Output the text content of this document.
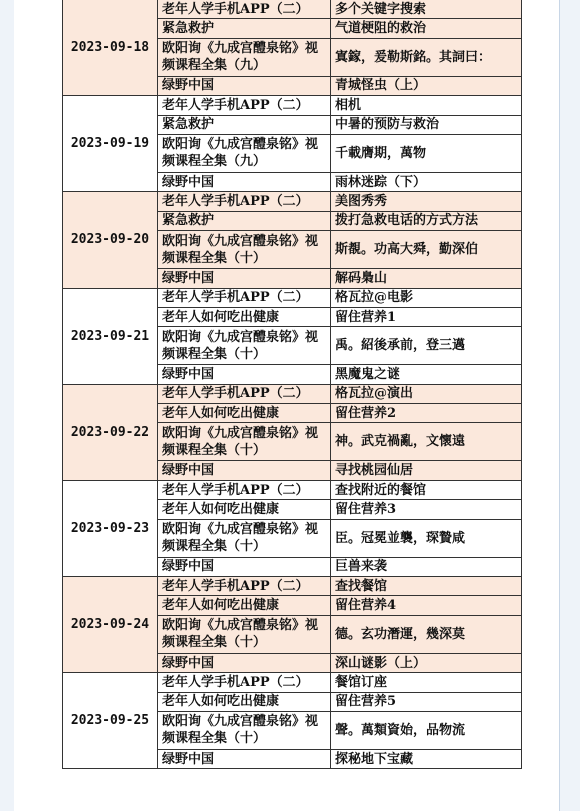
2023-09-18	老年人学手机APP（二）	多个关键字搜索
	紧急救护	气道梗阻的救治
	欧阳询《九成宫醴泉铭》视频课程全集（九）	寘鎵，爰勒斯銘。其詞曰：
	绿野中国	青城怪虫（上）
2023-09-19	老年人学手机APP（二）	相机
	紧急救护	中暑的预防与救治
	欧阳询《九成宫醴泉铭》视频课程全集（九）	千載膺期，萬物
	绿野中国	雨林迷踪（下）
2023-09-20	老年人学手机APP（二）	美图秀秀
	紧急救护	拨打急救电话的方式方法
	欧阳询《九成宫醴泉铭》视频课程全集（十）	斯覩。功高大舜，勤深伯
	绿野中国	解码梟山
2023-09-21	老年人学手机APP（二）	格瓦拉@电影
	老年人如何吃出健康	留住营养1
	欧阳询《九成宫醴泉铭》视频课程全集（十）	禹。紹後承前，登三邁
	绿野中国	黑魔鬼之谜
2023-09-22	老年人学手机APP（二）	格瓦拉@演出
	老年人如何吃出健康	留住营养2
	欧阳询《九成宫醴泉铭》视频课程全集（十）	神。武克禍亂，文懷遠
	绿野中国	寻找桃园仙居
2023-09-23	老年人学手机APP（二）	查找附近的餐馆
	老年人如何吃出健康	留住营养3
	欧阳询《九成宫醴泉铭》视频课程全集（十）	臣。冠冕並襲，琛贄咸
	绿野中国	巨兽来袭
2023-09-24	老年人学手机APP（二）	查找餐馆
	老年人如何吃出健康	留住营养4
	欧阳询《九成宫醴泉铭》视频课程全集（十）	德。玄功潛運，幾深莫
	绿野中国	深山谜影（上）
2023-09-25	老年人学手机APP（二）	餐馆订座
	老年人如何吃出健康	留住营养5
	欧阳询《九成宫醴泉铭》视频课程全集（十）	聲。萬類資始，品物流
	绿野中国	探秘地下宝藏
